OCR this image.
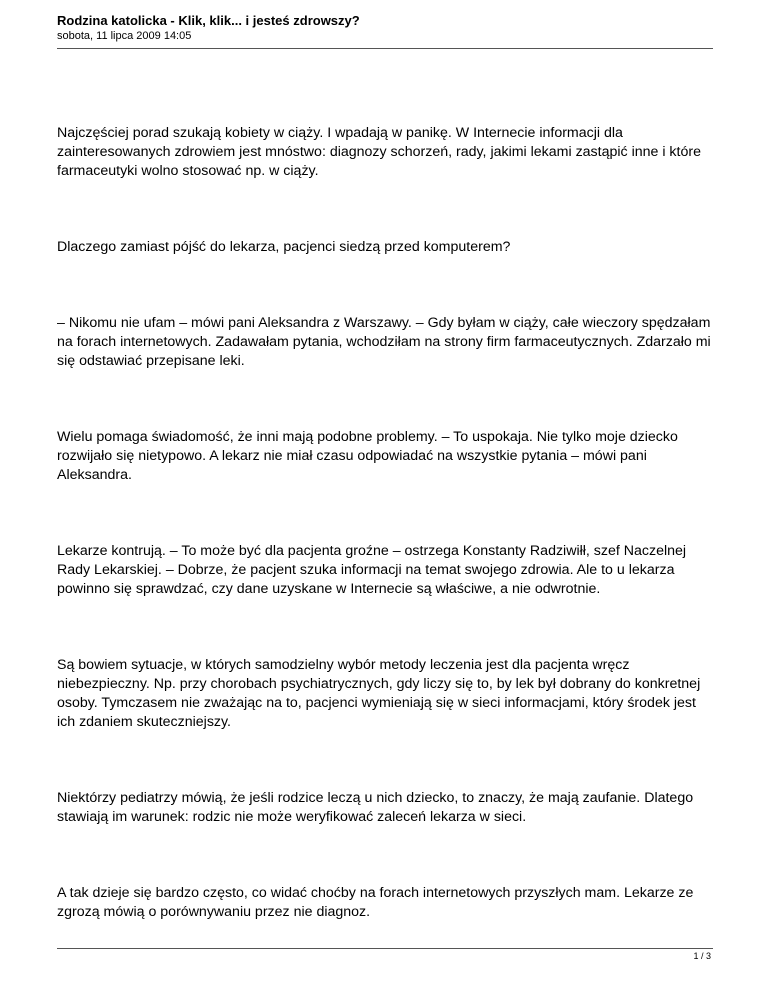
Rodzina katolicka - Klik, klik... i jesteś zdrowszy?

sobota, 11 lipca 2009 14:05

Najczęściej porad szukają kobiety w ciąży. I wpadają w panikę. W Internecie informacji dla zainteresowanych zdrowiem jest mnóstwo: diagnozy schorzeń, rady, jakimi lekami zastąpić inne i które farmaceutyki wolno stosować np. w ciąży.

Dlaczego zamiast pójść do lekarza, pacjenci siedzą przed komputerem?

– Nikomu nie ufam – mówi pani Aleksandra z Warszawy. – Gdy byłam w ciąży, całe wieczory spędzałam na forach internetowych. Zadawałam pytania, wchodziłam na strony firm farmaceutycznych. Zdarzało mi się odstawiać przepisane leki.

Wielu pomaga świadomość, że inni mają podobne problemy. – To uspokaja. Nie tylko moje dziecko rozwijało się nietypowo. A lekarz nie miał czasu odpowiadać na wszystkie pytania – mówi pani Aleksandra.

Lekarze kontrują. – To może być dla pacjenta groźne – ostrzega Konstanty Radziwiłł, szef Naczelnej Rady Lekarskiej. – Dobrze, że pacjent szuka informacji na temat swojego zdrowia. Ale to u lekarza powinno się sprawdzać, czy dane uzyskane w Internecie są właściwe, a nie odwrotnie.

Są bowiem sytuacje, w których samodzielny wybór metody leczenia jest dla pacjenta wręcz niebezpieczny. Np. przy chorobach psychiatrycznych, gdy liczy się to, by lek był dobrany do konkretnej osoby. Tymczasem nie zważając na to, pacjenci wymieniają się w sieci informacjami, który środek jest ich zdaniem skuteczniejszy.

Niektórzy pediatrzy mówią, że jeśli rodzice leczą u nich dziecko, to znaczy, że mają zaufanie. Dlatego stawiają im warunek: rodzic nie może weryfikować zaleceń lekarza w sieci.

A tak dzieje się bardzo często, co widać choćby na forach internetowych przyszłych mam. Lekarze ze zgrozą mówią o porównywaniu przez nie diagnoz.

1 / 3
